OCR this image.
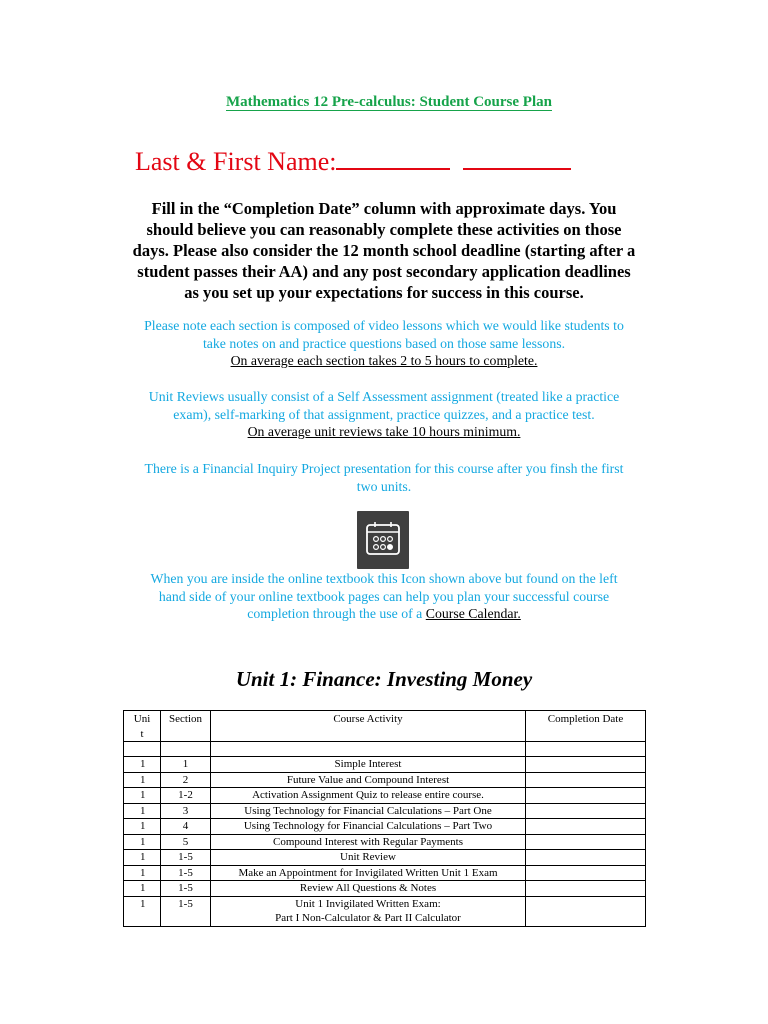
Mathematics 12 Pre-calculus: Student Course Plan
Last & First Name:
Fill in the “Completion Date” column with approximate days. You
should believe you can reasonably complete these activities on those
days. Please also consider the 12 month school deadline (starting after a
student passes their AA) and any post secondary application deadlines
as you set up your expectations for success in this course.
Please note each section is composed of video lessons which we would like students to
take notes on and practice questions based on those same lessons.
On average each section takes 2 to 5 hours to complete.
Unit Reviews usually consist of a Self Assessment assignment (treated like a practice
exam), self-marking of that assignment, practice quizzes, and a practice test.
On average unit reviews take 10 hours minimum.
There is a Financial Inquiry Project presentation for this course after you finsh the first
two units.
When you are inside the online textbook this Icon shown above but found on the left
hand side of your online textbook pages can help you plan your successful course
completion through the use of a Course Calendar.
Unit 1: Finance: Investing Money
Uni
t	Section	Course Activity	Completion Date

1	1	Simple Interest	
1	2	Future Value and Compound Interest	
1	1-2	Activation Assignment Quiz to release entire course.	
1	3	Using Technology for Financial Calculations – Part One	
1	4	Using Technology for Financial Calculations – Part Two	
1	5	Compound Interest with Regular Payments	
1	1-5	Unit Review	
1	1-5	Make an Appointment for Invigilated Written Unit 1 Exam	
1	1-5	Review All Questions & Notes	
1	1-5	Unit 1 Invigilated Written Exam:
Part I Non-Calculator & Part II Calculator	
